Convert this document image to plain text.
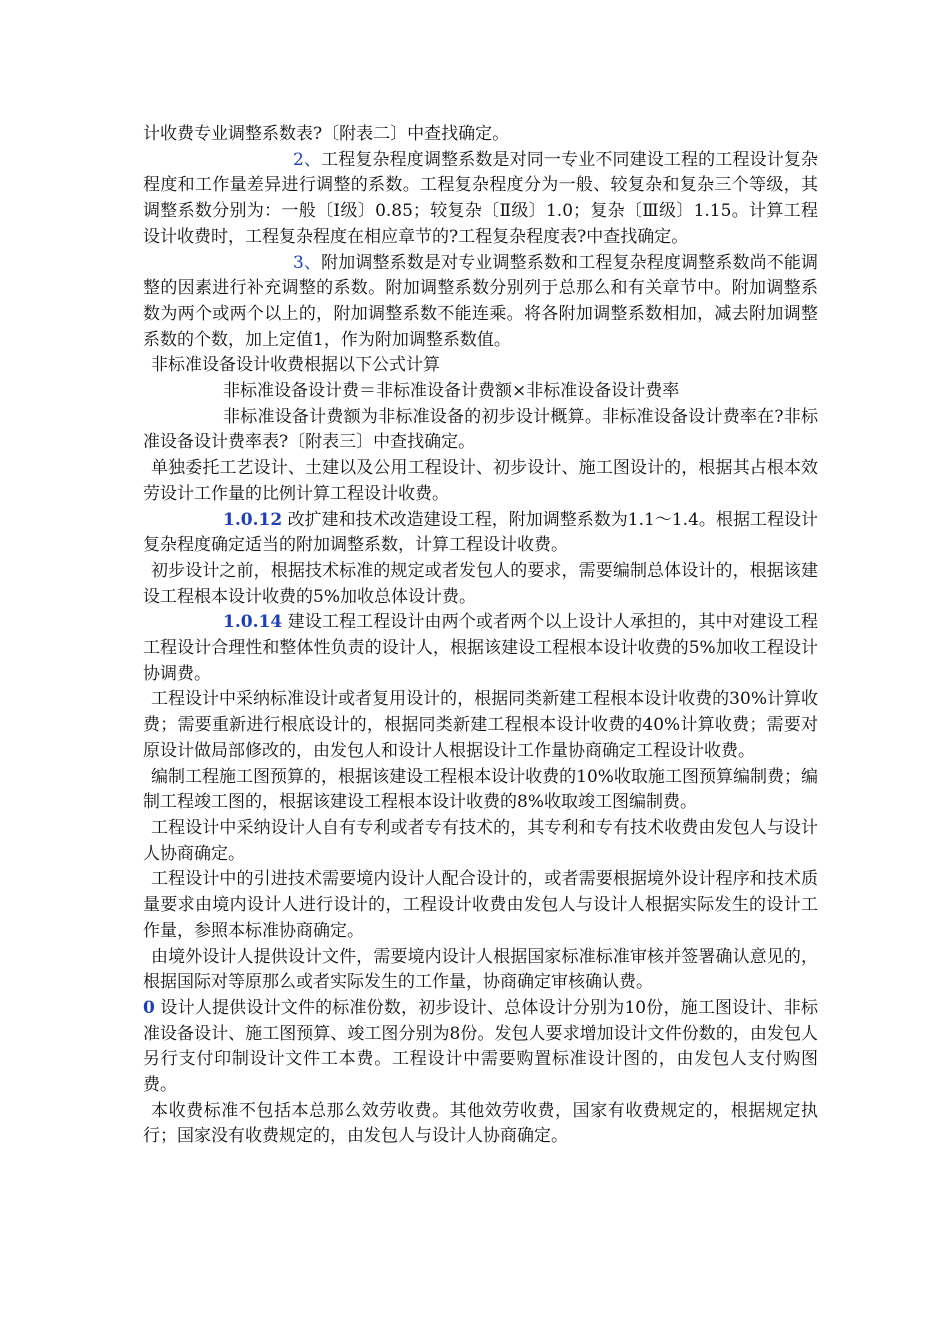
计收费专业调整系数表?〔附表二〕中查找确定。

2、工程复杂程度调整系数是对同一专业不同建设工程的工程设计复杂程度和工作量差异进行调整的系数。工程复杂程度分为一般、较复杂和复杂三个等级，其调整系数分别为：一般〔Ⅰ级〕0.85；较复杂〔Ⅱ级〕1.0；复杂〔Ⅲ级〕1.15。计算工程设计收费时，工程复杂程度在相应章节的?工程复杂程度表?中查找确定。

3、附加调整系数是对专业调整系数和工程复杂程度调整系数尚不能调整的因素进行补充调整的系数。附加调整系数分别列于总那么和有关章节中。附加调整系数为两个或两个以上的，附加调整系数不能连乘。将各附加调整系数相加，减去附加调整系数的个数，加上定值1，作为附加调整系数值。

非标准设备设计收费根据以下公式计算

非标准设备设计费＝非标准设备计费额×非标准设备设计费率

非标准设备计费额为非标准设备的初步设计概算。非标准设备设计费率在?非标准设备设计费率表?〔附表三〕中查找确定。

单独委托工艺设计、土建以及公用工程设计、初步设计、施工图设计的，根据其占根本效劳设计工作量的比例计算工程设计收费。

1.0.12 改扩建和技术改造建设工程，附加调整系数为1.1～1.4。根据工程设计复杂程度确定适当的附加调整系数，计算工程设计收费。

初步设计之前，根据技术标准的规定或者发包人的要求，需要编制总体设计的，根据该建设工程根本设计收费的5%加收总体设计费。

1.0.14 建设工程工程设计由两个或者两个以上设计人承担的，其中对建设工程工程设计合理性和整体性负责的设计人，根据该建设工程根本设计收费的5%加收工程设计协调费。

工程设计中采纳标准设计或者复用设计的，根据同类新建工程根本设计收费的30%计算收费；需要重新进行根底设计的，根据同类新建工程根本设计收费的40%计算收费；需要对原设计做局部修改的，由发包人和设计人根据设计工作量协商确定工程设计收费。

编制工程施工图预算的，根据该建设工程根本设计收费的10%收取施工图预算编制费；编制工程竣工图的，根据该建设工程根本设计收费的8%收取竣工图编制费。

工程设计中采纳设计人自有专利或者专有技术的，其专利和专有技术收费由发包人与设计人协商确定。

工程设计中的引进技术需要境内设计人配合设计的，或者需要根据境外设计程序和技术质量要求由境内设计人进行设计的，工程设计收费由发包人与设计人根据实际发生的设计工作量，参照本标准协商确定。

由境外设计人提供设计文件，需要境内设计人根据国家标准标准审核并签署确认意见的，根据国际对等原那么或者实际发生的工作量，协商确定审核确认费。

0 设计人提供设计文件的标准份数，初步设计、总体设计分别为10份，施工图设计、非标准设备设计、施工图预算、竣工图分别为8份。发包人要求增加设计文件份数的，由发包人另行支付印制设计文件工本费。工程设计中需要购置标准设计图的，由发包人支付购图费。

本收费标准不包括本总那么效劳收费。其他效劳收费，国家有收费规定的，根据规定执行；国家没有收费规定的，由发包人与设计人协商确定。
